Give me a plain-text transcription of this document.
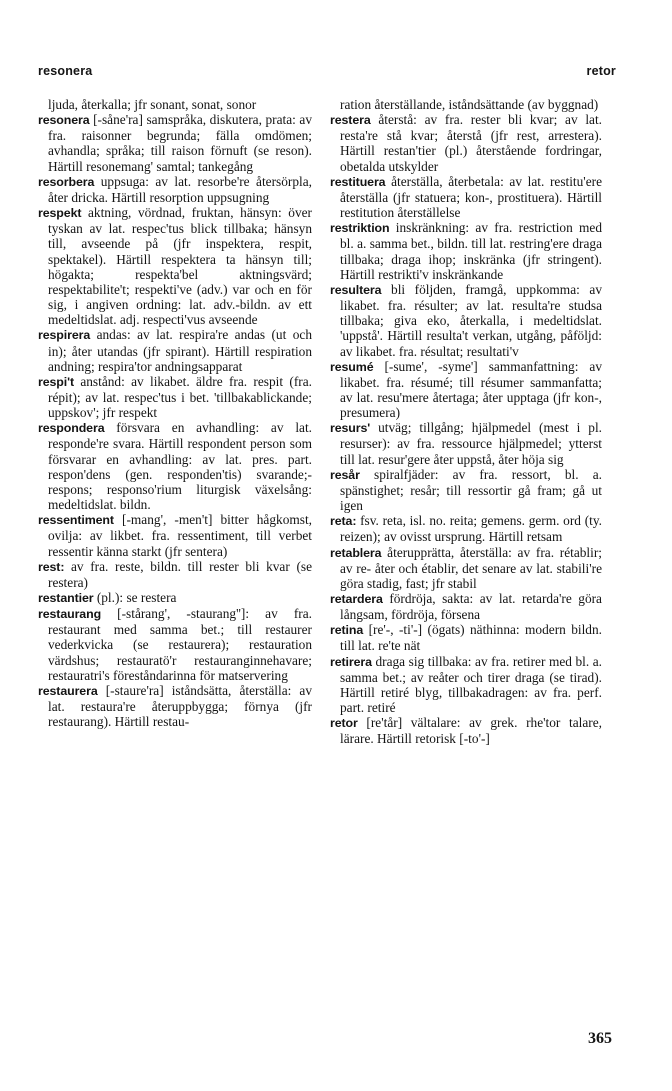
resonera	retor

ljuda, återkalla; jfr sonant, sonat, sonor

resonera [-såne'ra] samspråka, diskutera, prata: av fra. raisonner begrunda; fälla omdömen; avhandla; språka; till raison förnuft (se reson). Härtill resonemang' samtal; tankegång

resorbera uppsuga: av lat. resorbe're återsörpla, åter dricka. Härtill resorption uppsugning

respekt aktning, vördnad, fruktan, hänsyn: över tyskan av lat. respec'tus blick tillbaka; hänsyn till, avseende på (jfr inspektera, respit, spektakel). Härtill respektera ta hänsyn till; högakta; respekta'bel aktningsvärd; respektabilite't; respekti've (adv.) var och en för sig, i angiven ordning: lat. adv.-bildn. av ett medeltidslat. adj. respecti'vus avseende

respirera andas: av lat. respira're andas (ut och in); åter utandas (jfr spirant). Härtill respiration andning; respira'tor andningsapparat

respi't anstånd: av likabet. äldre fra. respit (fra. répit); av lat. respec'tus i bet. 'tillbakablickande; uppskov'; jfr respekt

respondera försvara en avhandling: av lat. responde're svara. Härtill respondent person som försvarar en avhandling: av lat. pres. part. respon'dens (gen. responden'tis) svarande;- respons; responso'rium liturgisk växelsång: medeltidslat. bildn.

ressentiment [-mang', -men't] bitter hågkomst, ovilja: av likbet. fra. ressentiment, till verbet ressentir känna starkt (jfr sentera)

rest: av fra. reste, bildn. till rester bli kvar (se restera)

restantier (pl.): se restera

restaurang [-stårang', -staurang'']: av fra. restaurant med samma bet.; till restaurer vederkvicka (se restaurera); restauration värdshus; restauratö'r restauranginnehavare; restauratri's föreståndarinna för matservering

restaurera [-staure'ra] iståndsätta, återställa: av lat. restaura're återuppbygga; förnya (jfr restaurang). Härtill restau-

ration återställande, iståndsättande (av byggnad)

restera återstå: av fra. rester bli kvar; av lat. resta're stå kvar; återstå (jfr rest, arrestera). Härtill restan'tier (pl.) återstående fordringar, obetalda utskylder

restituera återställa, återbetala: av lat. restitu'ere återställa (jfr statuera; kon-, prostituera). Härtill restitution återställelse

restriktion inskränkning: av fra. restriction med bl. a. samma bet., bildn. till lat. restring'ere draga tillbaka; draga ihop; inskränka (jfr stringent). Härtill restrikti'v inskränkande

resultera bli följden, framgå, uppkomma: av likabet. fra. résulter; av lat. resulta're studsa tillbaka; giva eko, återkalla, i medeltidslat. 'uppstå'. Härtill resulta't verkan, utgång, påföljd: av likabet. fra. résultat; resultati'v

resumé [-sume', -syme'] sammanfattning: av likabet. fra. résumé; till résumer sammanfatta; av lat. resu'mere återtaga; åter upptaga (jfr kon-, presumera)

resurs' utväg; tillgång; hjälpmedel (mest i pl. resurser): av fra. ressource hjälpmedel; ytterst till lat. resur'gere åter uppstå, åter höja sig

resår spiralfjäder: av fra. ressort, bl. a. spänstighet; resår; till ressortir gå fram; gå ut igen

reta: fsv. reta, isl. no. reita; gemens. germ. ord (ty. reizen); av ovisst ursprung. Härtill retsam

retablera återupprätta, återställa: av fra. rétablir; av re- åter och établir, det senare av lat. stabili're göra stadig, fast; jfr stabil

retardera fördröja, sakta: av lat. retarda're göra långsam, fördröja, försena

retina [re'-, -ti'-] (ögats) näthinna: modern bildn. till lat. re'te nät

retirera draga sig tillbaka: av fra. retirer med bl. a. samma bet.; av reåter och tirer draga (se tirad). Härtill retiré blyg, tillbakadragen: av fra. perf. part. retiré

retor [re'tår] vältalare: av grek. rhe'tor talare, lärare. Härtill retorisk [-to'-]

365
